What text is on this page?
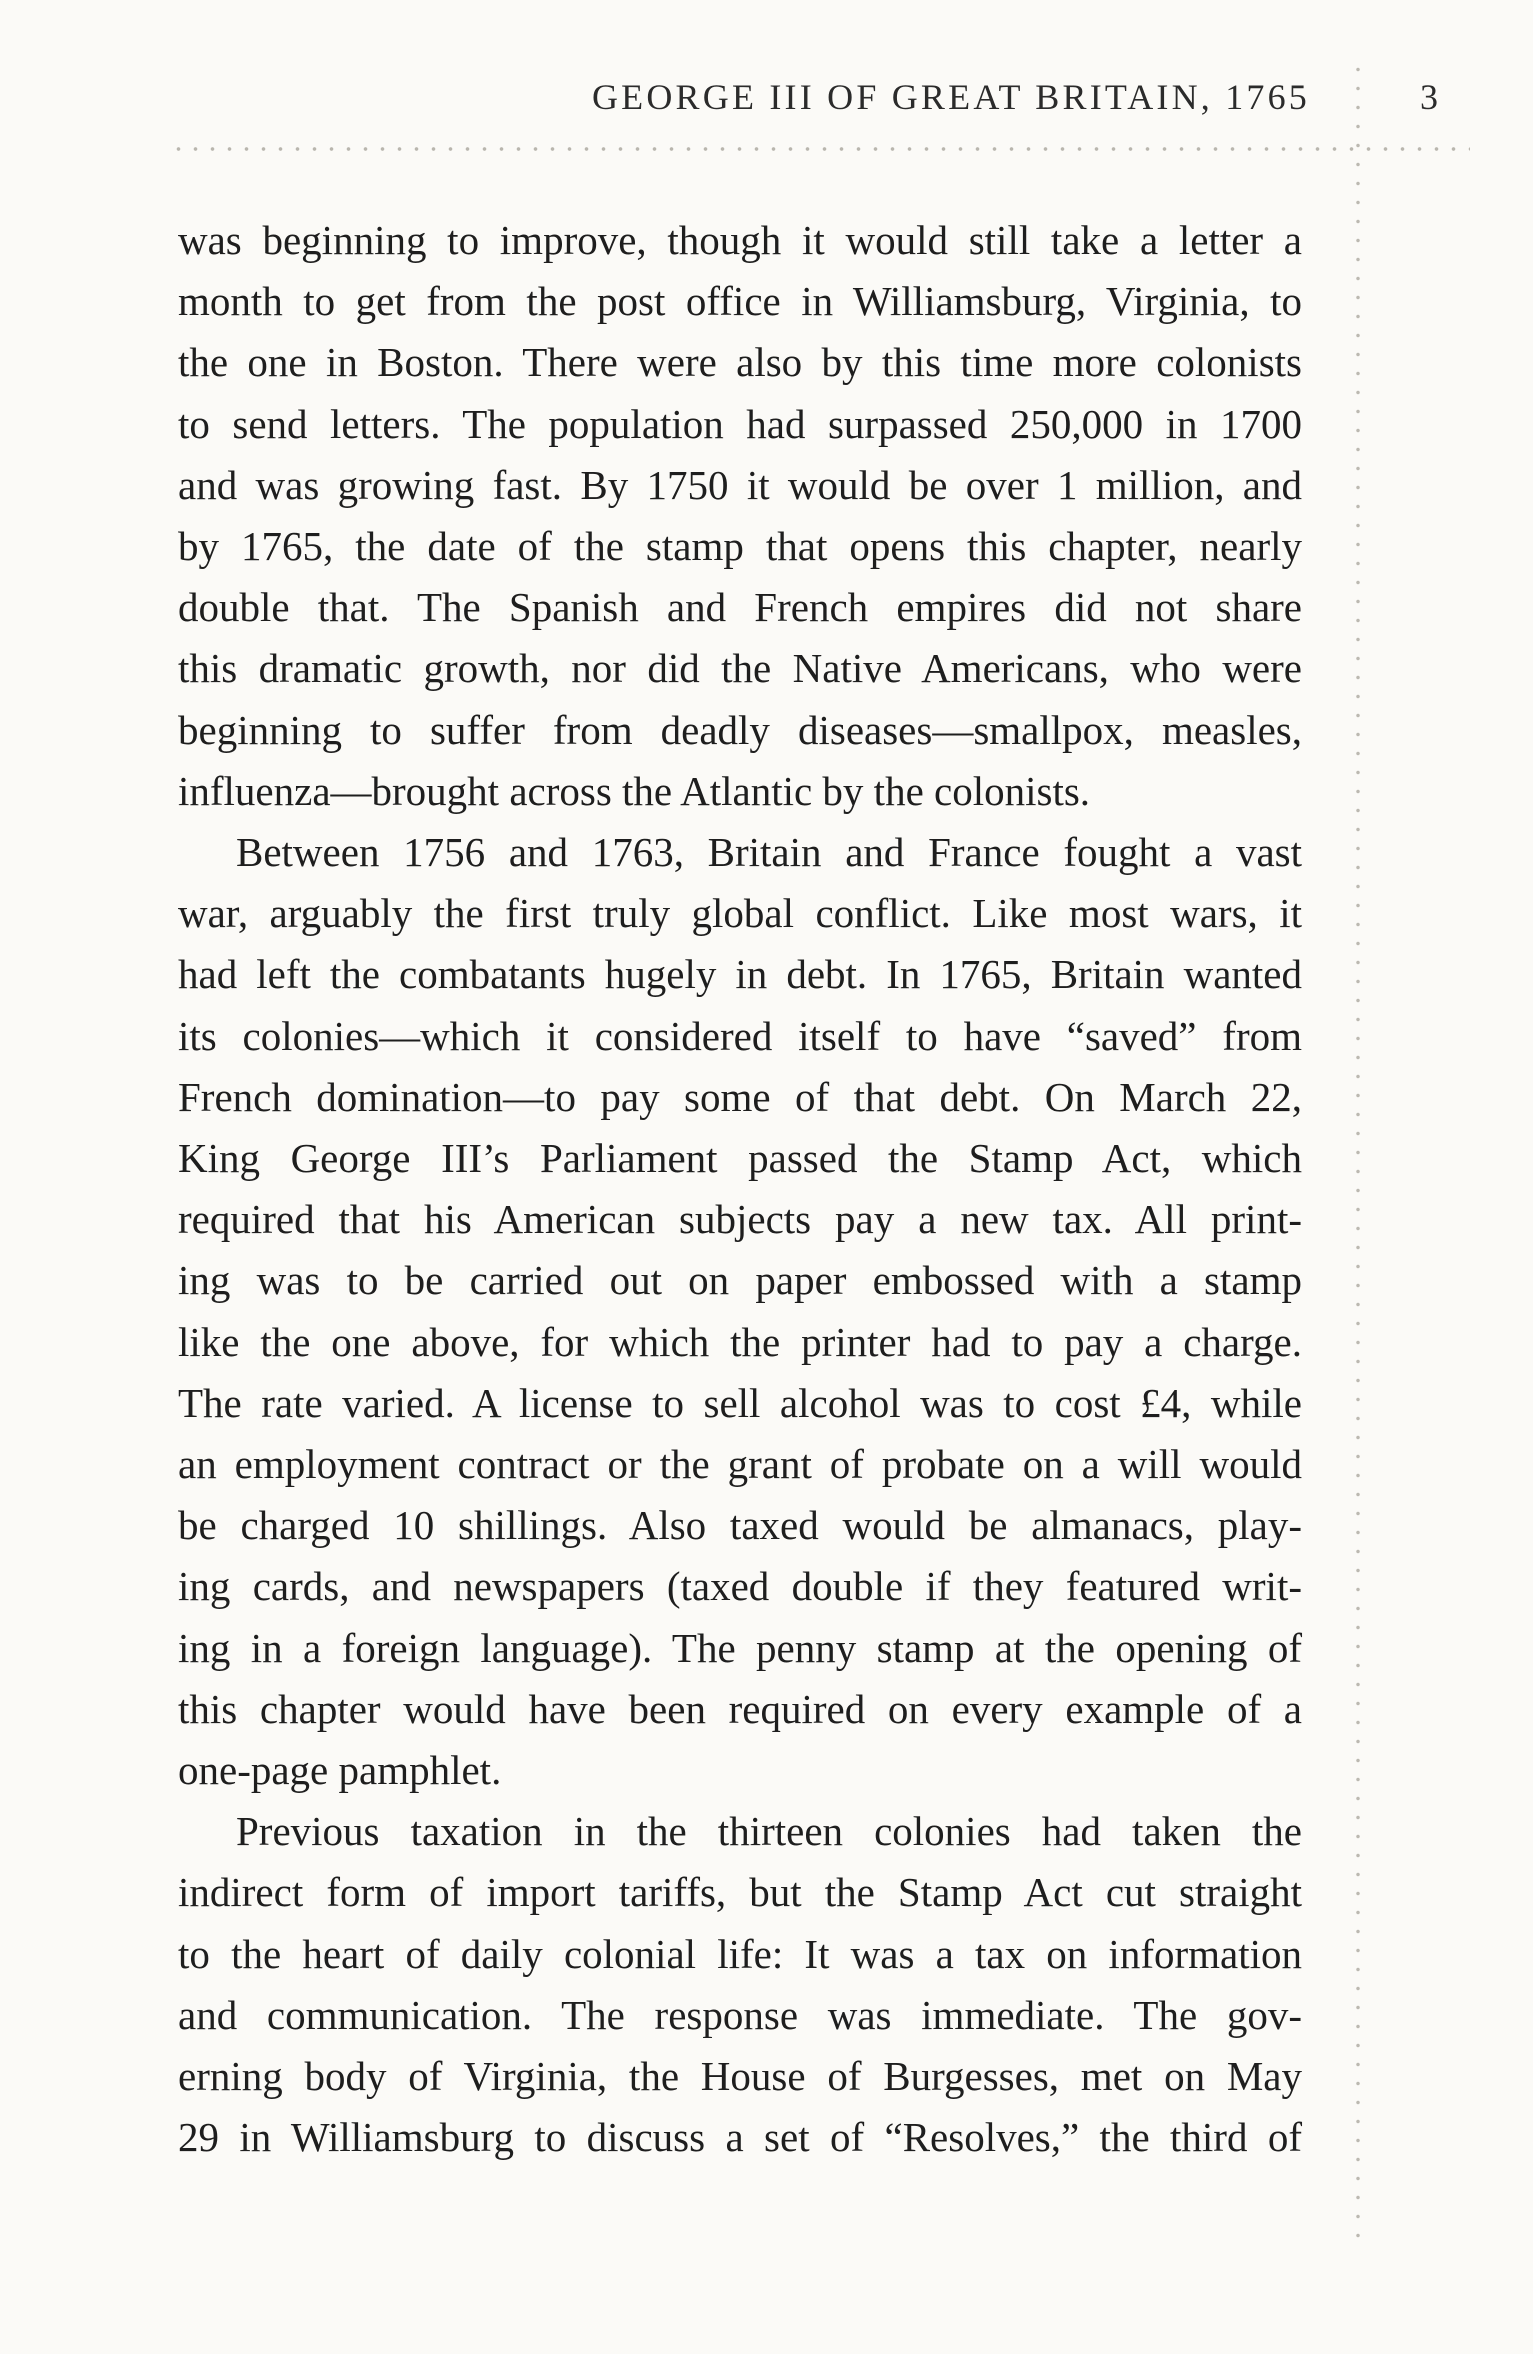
GEORGE III OF GREAT BRITAIN, 1765	3

was beginning to improve, though it would still take a letter a
month to get from the post office in Williamsburg, Virginia, to
the one in Boston. There were also by this time more colonists
to send letters. The population had surpassed 250,000 in 1700
and was growing fast. By 1750 it would be over 1 million, and
by 1765, the date of the stamp that opens this chapter, nearly
double that. The Spanish and French empires did not share
this dramatic growth, nor did the Native Americans, who were
beginning to suffer from deadly diseases—smallpox, measles,
influenza—brought across the Atlantic by the colonists.

Between 1756 and 1763, Britain and France fought a vast
war, arguably the first truly global conflict. Like most wars, it
had left the combatants hugely in debt. In 1765, Britain wanted
its colonies—which it considered itself to have “saved” from
French domination—to pay some of that debt. On March 22,
King George III’s Parliament passed the Stamp Act, which
required that his American subjects pay a new tax. All print-
ing was to be carried out on paper embossed with a stamp
like the one above, for which the printer had to pay a charge.
The rate varied. A license to sell alcohol was to cost £4, while
an employment contract or the grant of probate on a will would
be charged 10 shillings. Also taxed would be almanacs, play-
ing cards, and newspapers (taxed double if they featured writ-
ing in a foreign language). The penny stamp at the opening of
this chapter would have been required on every example of a
one-page pamphlet.

Previous taxation in the thirteen colonies had taken the
indirect form of import tariffs, but the Stamp Act cut straight
to the heart of daily colonial life: It was a tax on information
and communication. The response was immediate. The gov-
erning body of Virginia, the House of Burgesses, met on May
29 in Williamsburg to discuss a set of “Resolves,” the third of
